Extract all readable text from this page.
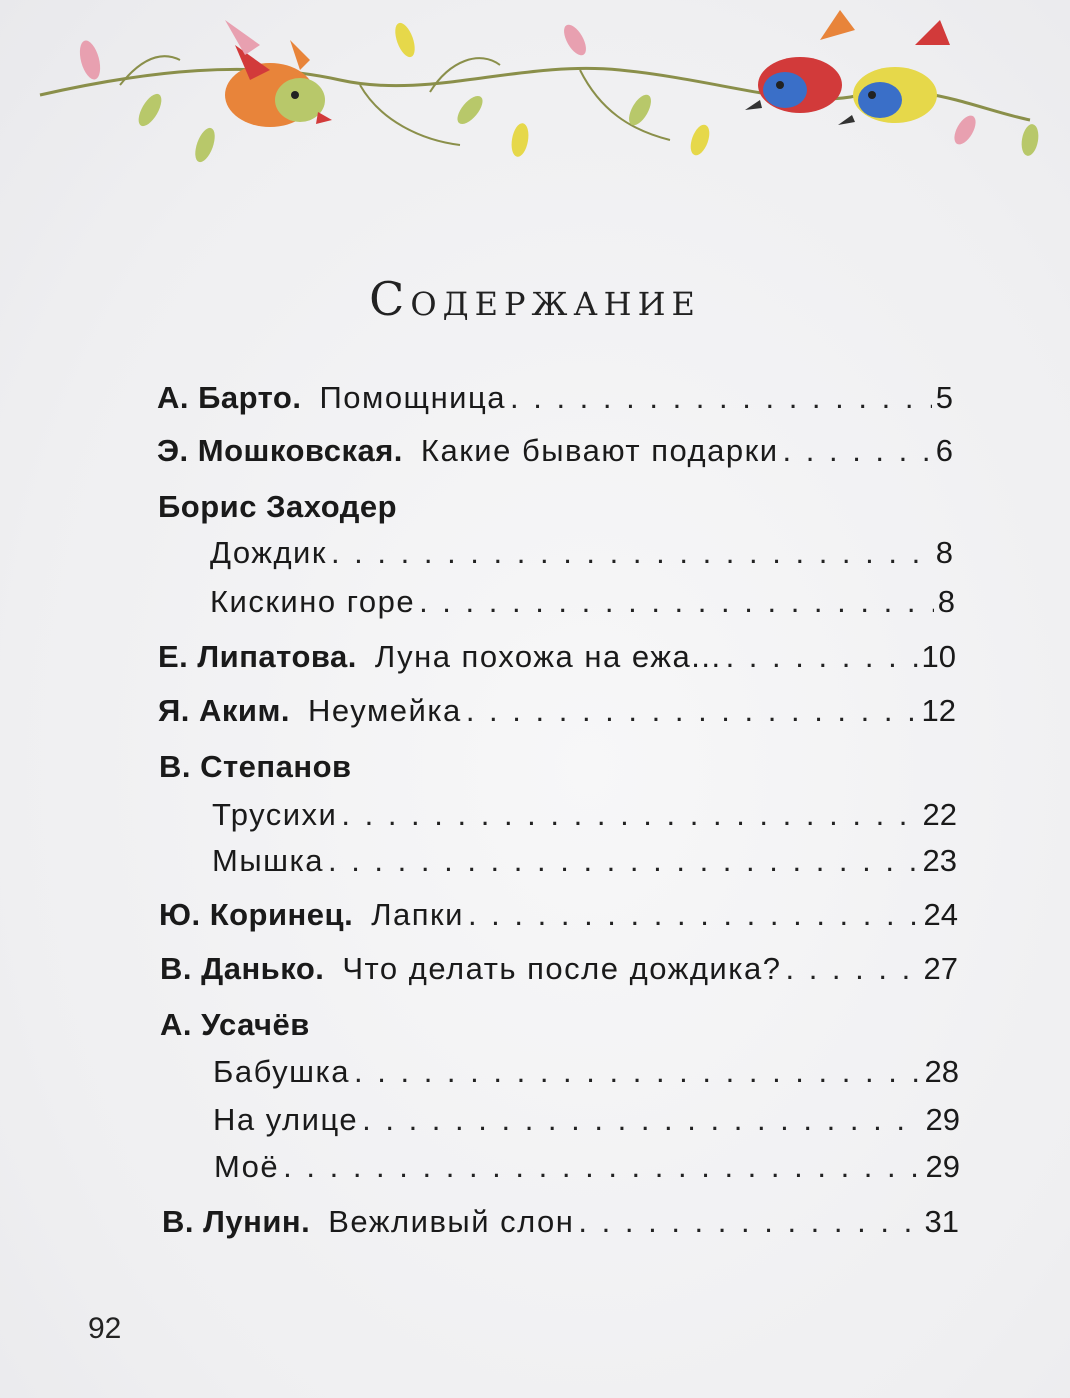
Содержание
А. Барто. Помощница . . .	5
Э. Мошковская. Какие бывают подарки . . .	6
Борис Заходер
Дождик . . .	8
Кискино горе . . .	8
Е. Липатова. Луна похожа на ежа... . . .	10
Я. Аким. Неумейка . . .	12
В. Степанов
Трусихи . . .	22
Мышка . . .	23
Ю. Коринец. Лапки . . .	24
В. Данько. Что делать после дождика? . . .	27
А. Усачёв
Бабушка . . .	28
На улице . . .	29
Моё . . .	29
В. Лунин. Вежливый слон . . .	31
92
